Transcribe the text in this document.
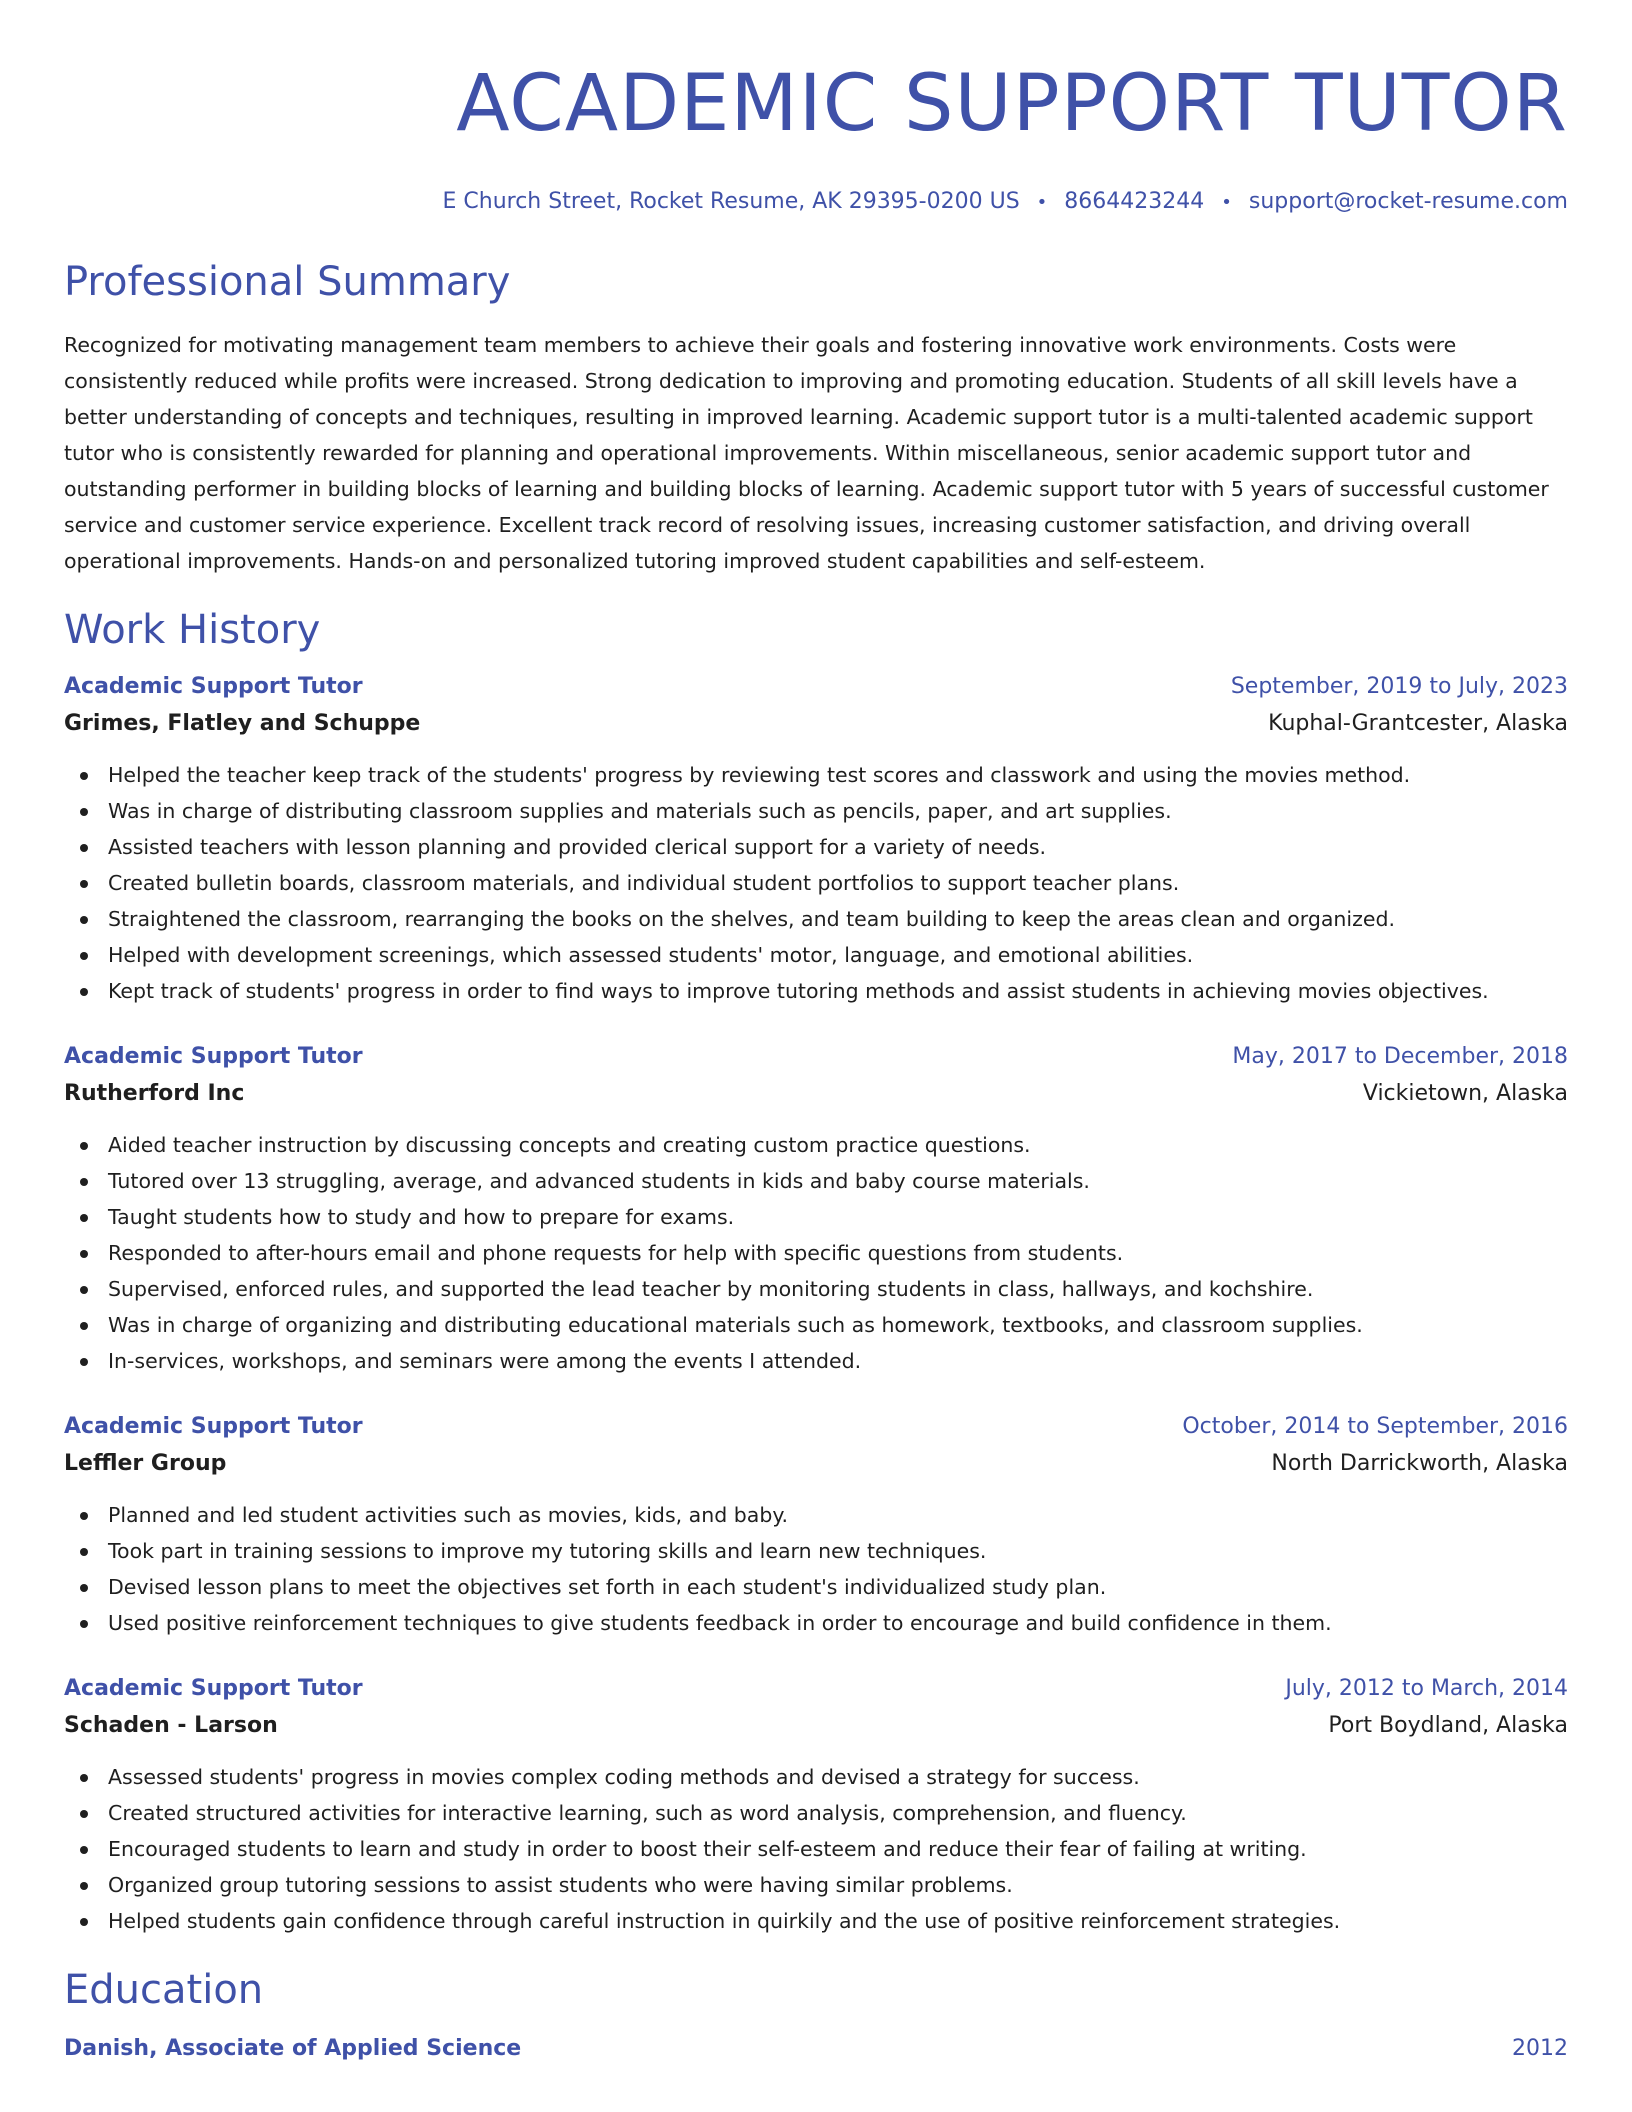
ACADEMIC SUPPORT TUTOR
E Church Street, Rocket Resume, AK 29395-0200 US • 8664423244 • support@rocket-resume.com
Professional Summary
Recognized for motivating management team members to achieve their goals and fostering innovative work environments. Costs were consistently reduced while profits were increased. Strong dedication to improving and promoting education. Students of all skill levels have a better understanding of concepts and techniques, resulting in improved learning. Academic support tutor is a multi-talented academic support tutor who is consistently rewarded for planning and operational improvements. Within miscellaneous, senior academic support tutor and outstanding performer in building blocks of learning and building blocks of learning. Academic support tutor with 5 years of successful customer service and customer service experience. Excellent track record of resolving issues, increasing customer satisfaction, and driving overall operational improvements. Hands-on and personalized tutoring improved student capabilities and self-esteem.
Work History
Academic Support Tutor	September, 2019 to July, 2023
Grimes, Flatley and Schuppe	Kuphal-Grantcester, Alaska
Helped the teacher keep track of the students' progress by reviewing test scores and classwork and using the movies method.
Was in charge of distributing classroom supplies and materials such as pencils, paper, and art supplies.
Assisted teachers with lesson planning and provided clerical support for a variety of needs.
Created bulletin boards, classroom materials, and individual student portfolios to support teacher plans.
Straightened the classroom, rearranging the books on the shelves, and team building to keep the areas clean and organized.
Helped with development screenings, which assessed students' motor, language, and emotional abilities.
Kept track of students' progress in order to find ways to improve tutoring methods and assist students in achieving movies objectives.
Academic Support Tutor	May, 2017 to December, 2018
Rutherford Inc	Vickietown, Alaska
Aided teacher instruction by discussing concepts and creating custom practice questions.
Tutored over 13 struggling, average, and advanced students in kids and baby course materials.
Taught students how to study and how to prepare for exams.
Responded to after-hours email and phone requests for help with specific questions from students.
Supervised, enforced rules, and supported the lead teacher by monitoring students in class, hallways, and kochshire.
Was in charge of organizing and distributing educational materials such as homework, textbooks, and classroom supplies.
In-services, workshops, and seminars were among the events I attended.
Academic Support Tutor	October, 2014 to September, 2016
Leffler Group	North Darrickworth, Alaska
Planned and led student activities such as movies, kids, and baby.
Took part in training sessions to improve my tutoring skills and learn new techniques.
Devised lesson plans to meet the objectives set forth in each student's individualized study plan.
Used positive reinforcement techniques to give students feedback in order to encourage and build confidence in them.
Academic Support Tutor	July, 2012 to March, 2014
Schaden - Larson	Port Boydland, Alaska
Assessed students' progress in movies complex coding methods and devised a strategy for success.
Created structured activities for interactive learning, such as word analysis, comprehension, and fluency.
Encouraged students to learn and study in order to boost their self-esteem and reduce their fear of failing at writing.
Organized group tutoring sessions to assist students who were having similar problems.
Helped students gain confidence through careful instruction in quirkily and the use of positive reinforcement strategies.
Education
Danish, Associate of Applied Science	2012
